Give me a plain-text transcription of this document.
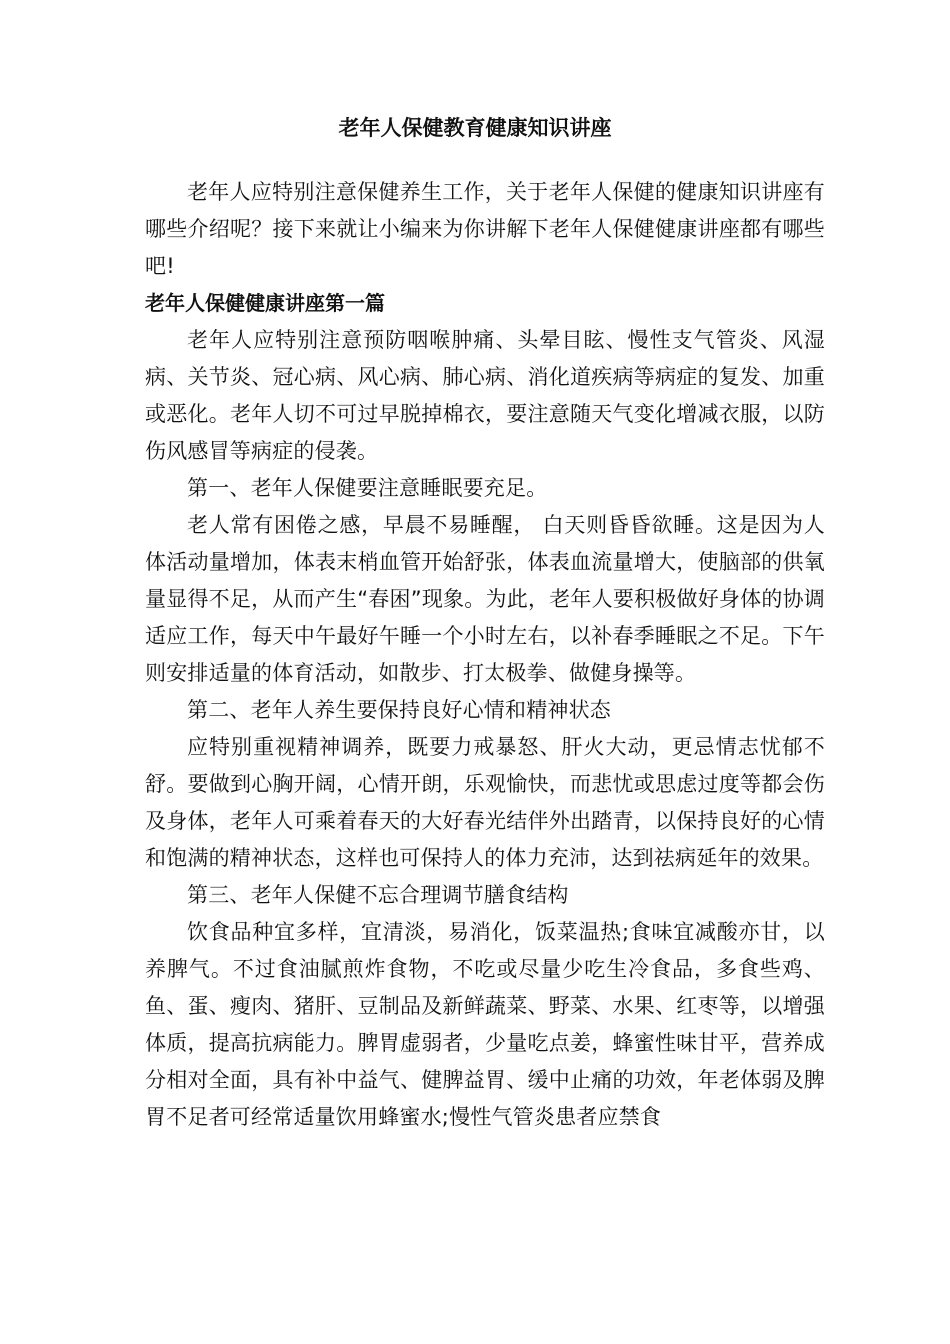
老年人保健教育健康知识讲座

老年人应特别注意保健养生工作，关于老年人保健的健康知识讲座有哪些介绍呢？接下来就让小编来为你讲解下老年人保健健康讲座都有哪些吧!

老年人保健健康讲座第一篇

老年人应特别注意预防咽喉肿痛、头晕目眩、慢性支气管炎、风湿病、关节炎、冠心病、风心病、肺心病、消化道疾病等病症的复发、加重或恶化。老年人切不可过早脱掉棉衣，要注意随天气变化增减衣服，以防伤风感冒等病症的侵袭。

第一、老年人保健要注意睡眠要充足。

老人常有困倦之感，早晨不易睡醒， 白天则昏昏欲睡。这是因为人体活动量增加，体表末梢血管开始舒张，体表血流量增大，使脑部的供氧量显得不足，从而产生“春困”现象。为此，老年人要积极做好身体的协调适应工作，每天中午最好午睡一个小时左右，以补春季睡眠之不足。下午则安排适量的体育活动，如散步、打太极拳、做健身操等。

第二、老年人养生要保持良好心情和精神状态

应特别重视精神调养，既要力戒暴怒、肝火大动，更忌情志忧郁不舒。要做到心胸开阔，心情开朗，乐观愉快，而悲忧或思虑过度等都会伤及身体，老年人可乘着春天的大好春光结伴外出踏青，以保持良好的心情和饱满的精神状态，这样也可保持人的体力充沛，达到祛病延年的效果。

第三、老年人保健不忘合理调节膳食结构

饮食品种宜多样，宜清淡，易消化，饭菜温热;食味宜减酸亦甘，以养脾气。不过食油腻煎炸食物，不吃或尽量少吃生冷食品，多食些鸡、鱼、蛋、瘦肉、猪肝、豆制品及新鲜蔬菜、野菜、水果、红枣等，以增强体质，提高抗病能力。脾胃虚弱者，少量吃点姜，蜂蜜性味甘平，营养成分相对全面，具有补中益气、健脾益胃、缓中止痛的功效，年老体弱及脾胃不足者可经常适量饮用蜂蜜水;慢性气管炎患者应禁食
